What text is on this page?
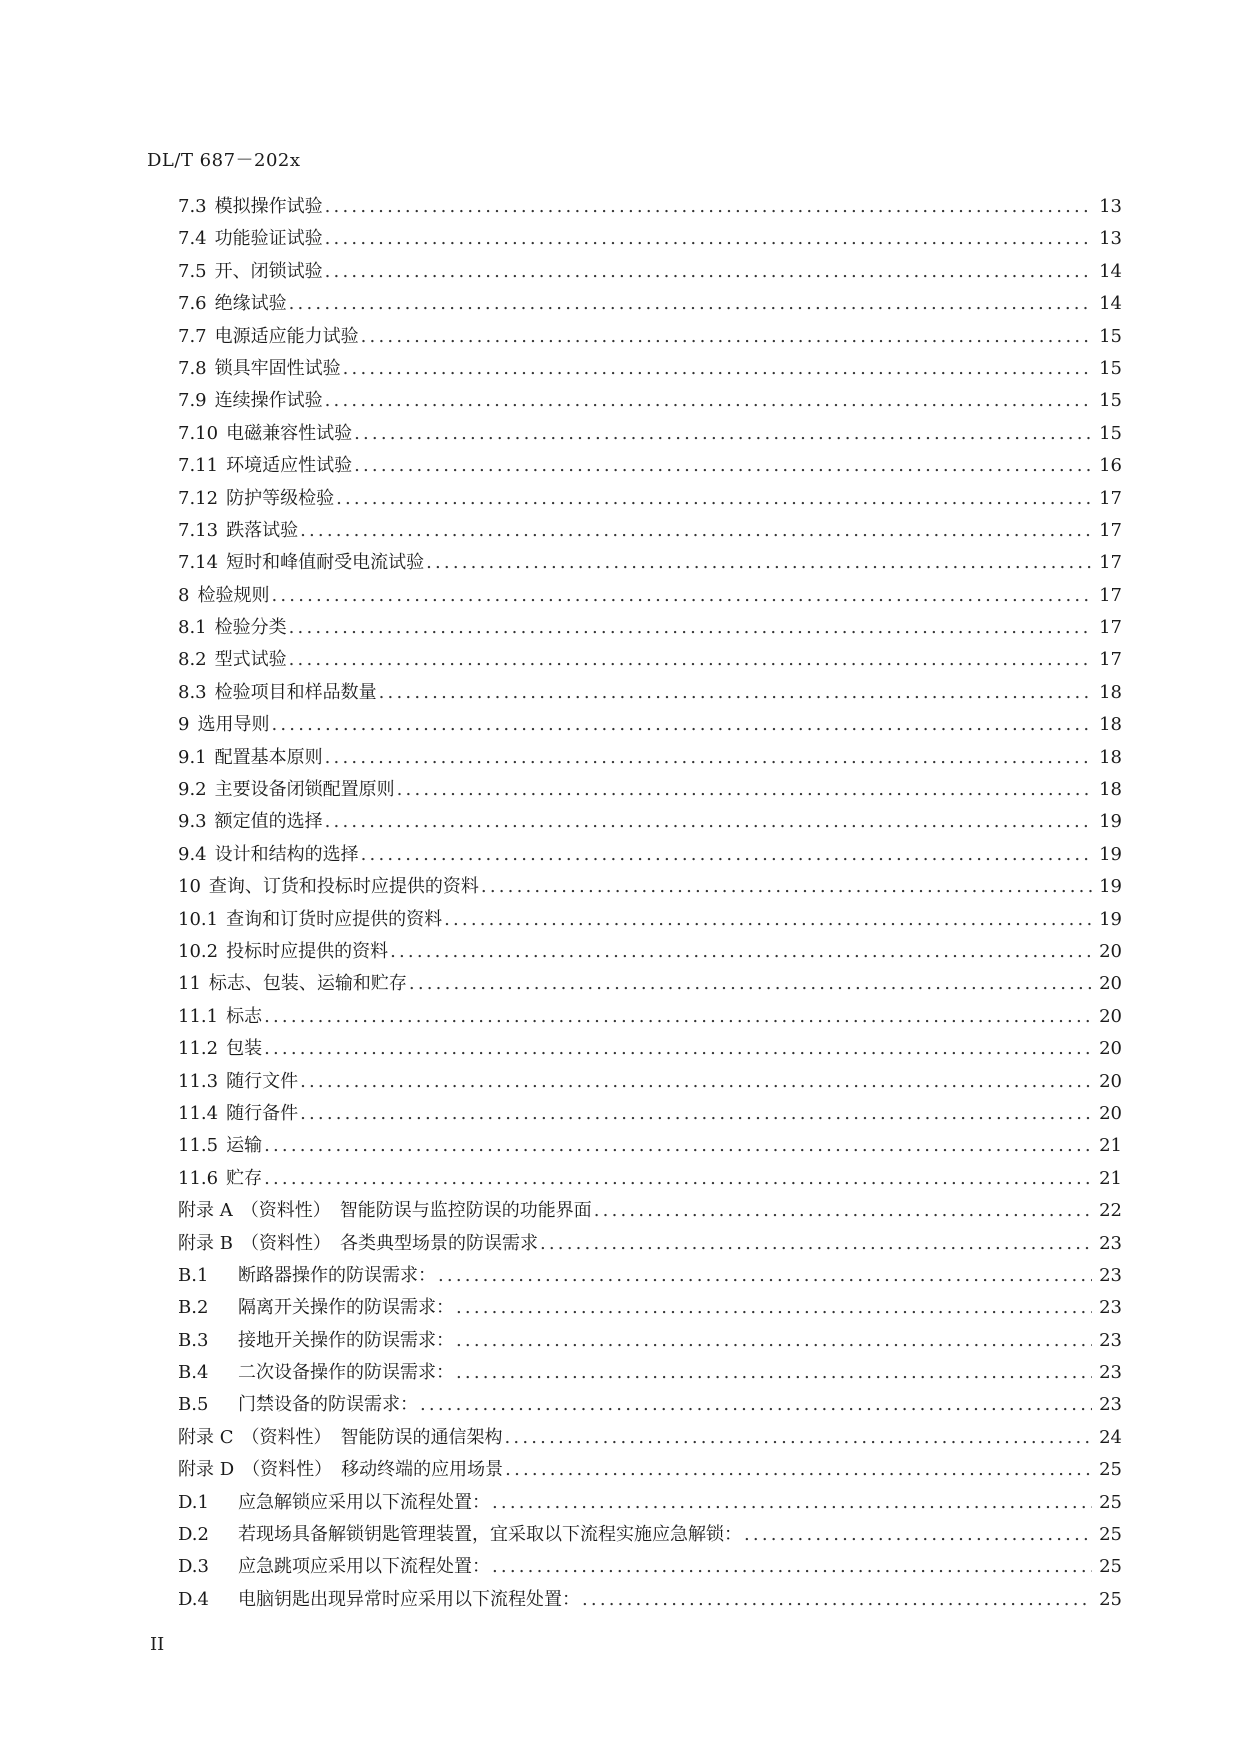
DL/T 687－202x
7.3 模拟操作试验 .....	13
7.4 功能验证试验 .....	13
7.5 开、闭锁试验 .....	14
7.6 绝缘试验 .....	14
7.7 电源适应能力试验 .....	15
7.8 锁具牢固性试验 .....	15
7.9 连续操作试验 .....	15
7.10 电磁兼容性试验 .....	15
7.11 环境适应性试验 .....	16
7.12 防护等级检验 .....	17
7.13 跌落试验 .....	17
7.14 短时和峰值耐受电流试验 .....	17
8 检验规则 .....	17
8.1 检验分类 .....	17
8.2 型式试验 .....	17
8.3 检验项目和样品数量 .....	18
9 选用导则 .....	18
9.1 配置基本原则 .....	18
9.2 主要设备闭锁配置原则 .....	18
9.3 额定值的选择 .....	19
9.4 设计和结构的选择 .....	19
10 查询、订货和投标时应提供的资料 .....	19
10.1 查询和订货时应提供的资料 .....	19
10.2 投标时应提供的资料 .....	20
11 标志、包装、运输和贮存 .....	20
11.1 标志 .....	20
11.2 包装 .....	20
11.3 随行文件 .....	20
11.4 随行备件 .....	20
11.5 运输 .....	21
11.6 贮存 .....	21
附录 A （资料性）　智能防误与监控防误的功能界面 .....	22
附录 B （资料性）　各类典型场景的防误需求 .....	23
B.1	断路器操作的防误需求： .....	23
B.2	隔离开关操作的防误需求： .....	23
B.3	接地开关操作的防误需求： .....	23
B.4	二次设备操作的防误需求： .....	23
B.5	门禁设备的防误需求： .....	23
附录 C （资料性）　智能防误的通信架构 .....	24
附录 D （资料性）　移动终端的应用场景 .....	25
D.1	应急解锁应采用以下流程处置： .....	25
D.2	若现场具备解锁钥匙管理装置，宜采取以下流程实施应急解锁： .....	25
D.3	应急跳项应采用以下流程处置： .....	25
D.4	电脑钥匙出现异常时应采用以下流程处置： .....	25
II
